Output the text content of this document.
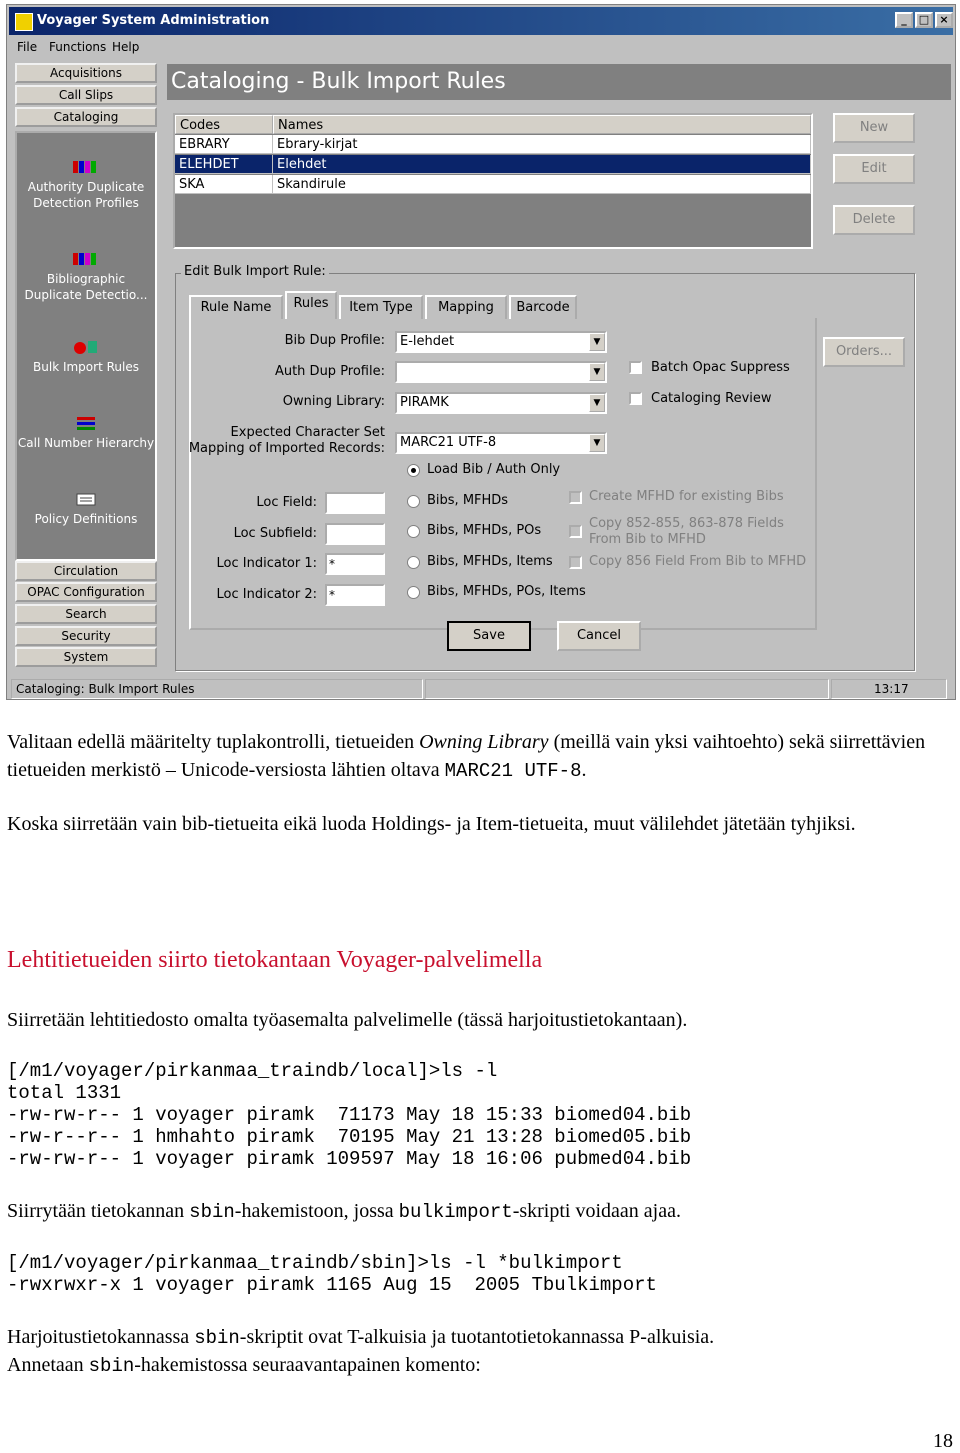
Voyager System Administration	_	□ ×
File Functions Help
Acquisitions
Call Slips
Cataloging
Authority Duplicate Detection Profiles
Bibliographic Duplicate Detectio...
Bulk Import Rules
Call Number Hierarchy
Policy Definitions
Circulation
OPAC Configuration
Search
Security
System
Cataloging - Bulk Import Rules
Codes	Names
EBRARY	Ebrary-kirjat
ELEHDET	Elehdet
SKA	Skandirule
New
Edit
Delete
Edit Bulk Import Rule:
Rule Name	Rules	Item Type	Mapping	Barcode
Orders...
Bib Dup Profile:	E-lehdet	▼
Auth Dup Profile:	▼
Owning Library:	PIRAMK	▼
Expected Character Set
Mapping of Imported Records:	MARC21 UTF-8	▼
Batch Opac Suppress
Cataloging Review
Loc Field:
Loc Subfield:
Loc Indicator 1:	*
Loc Indicator 2:	*
Load Bib / Auth Only
Bibs, MFHDs
Bibs, MFHDs, POs
Bibs, MFHDs, Items
Bibs, MFHDs, POs, Items
Create MFHD for existing Bibs
Copy 852-855, 863-878 Fields
From Bib to MFHD
Copy 856 Field From Bib to MFHD
Save	Cancel
Cataloging: Bulk Import Rules	13:17
Valitaan edellä määritelty tuplakontrolli, tietueiden Owning Library (meillä vain yksi vaihtoehto) sekä siirrettävien tietueiden merkistö – Unicode-versiosta lähtien oltava MARC21 UTF-8.
Koska siirretään vain bib-tietueita eikä luoda Holdings- ja Item-tietueita, muut välilehdet jätetään tyhjiksi.
Lehtitietueiden siirto tietokantaan Voyager-palvelimella
Siirretään lehtitiedosto omalta työasemalta palvelimelle (tässä harjoitustietokantaan).
[/m1/voyager/pirkanmaa_traindb/local]>ls -l
total 1331
-rw-rw-r-- 1 voyager piramk  71173 May 18 15:33 biomed04.bib
-rw-r--r-- 1 hmhahto piramk  70195 May 21 13:28 biomed05.bib
-rw-rw-r-- 1 voyager piramk 109597 May 18 16:06 pubmed04.bib
Siirrytään tietokannan sbin-hakemistoon, jossa bulkimport-skripti voidaan ajaa.
[/m1/voyager/pirkanmaa_traindb/sbin]>ls -l *bulkimport
-rwxrwxr-x 1 voyager piramk 1165 Aug 15  2005 Tbulkimport
Harjoitustietokannassa sbin-skriptit ovat T-alkuisia ja tuotantotietokannassa P-alkuisia.
Annetaan sbin-hakemistossa seuraavantapainen komento:
18
